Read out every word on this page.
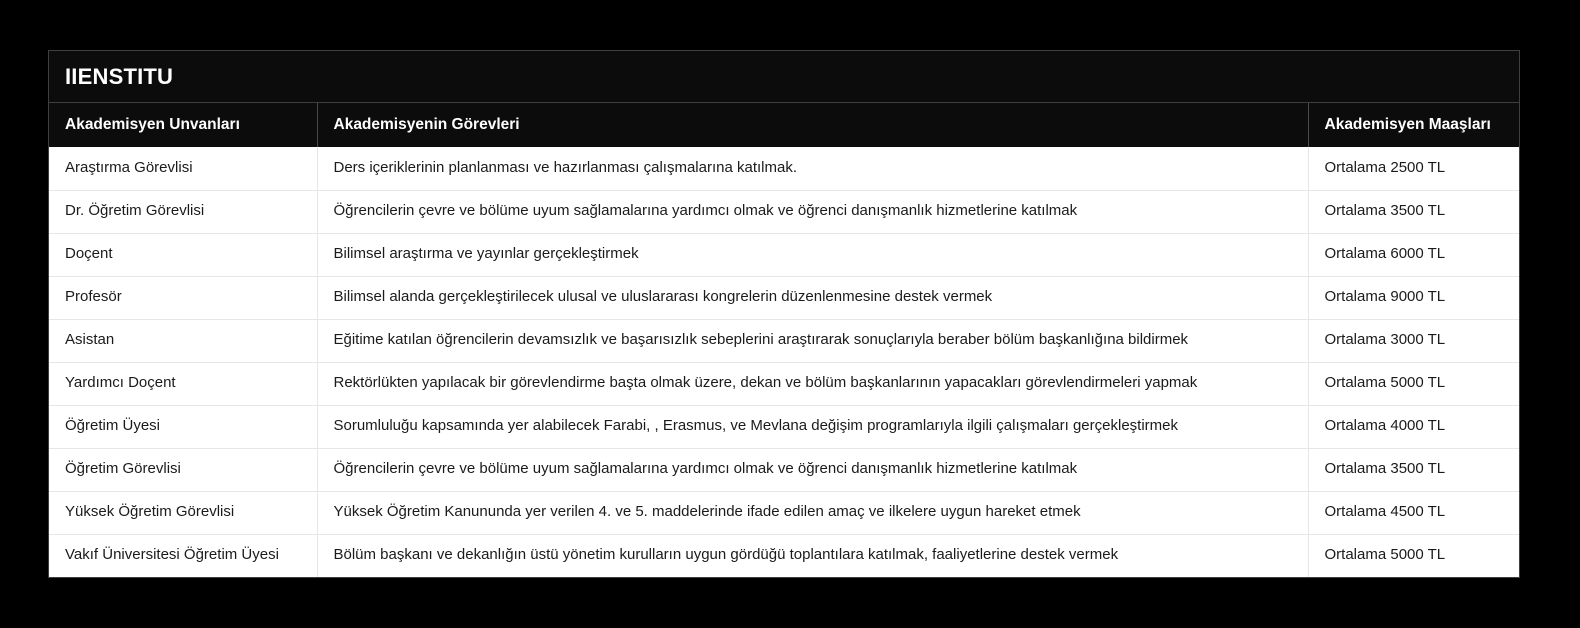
IIENSTITU
Akademisyen Unvanları	Akademisyenin Görevleri	Akademisyen Maaşları
Araştırma Görevlisi	Ders içeriklerinin planlanması ve hazırlanması çalışmalarına katılmak.	Ortalama 2500 TL
Dr. Öğretim Görevlisi	Öğrencilerin çevre ve bölüme uyum sağlamalarına yardımcı olmak ve öğrenci danışmanlık hizmetlerine katılmak	Ortalama 3500 TL
Doçent	Bilimsel araştırma ve yayınlar gerçekleştirmek	Ortalama 6000 TL
Profesör	Bilimsel alanda gerçekleştirilecek ulusal ve uluslararası kongrelerin düzenlenmesine destek vermek	Ortalama 9000 TL
Asistan	Eğitime katılan öğrencilerin devamsızlık ve başarısızlık sebeplerini araştırarak sonuçlarıyla beraber bölüm başkanlığına bildirmek	Ortalama 3000 TL
Yardımcı Doçent	Rektörlükten yapılacak bir görevlendirme başta olmak üzere, dekan ve bölüm başkanlarının yapacakları görevlendirmeleri yapmak	Ortalama 5000 TL
Öğretim Üyesi	Sorumluluğu kapsamında yer alabilecek Farabi, , Erasmus, ve Mevlana değişim programlarıyla ilgili çalışmaları gerçekleştirmek	Ortalama 4000 TL
Öğretim Görevlisi	Öğrencilerin çevre ve bölüme uyum sağlamalarına yardımcı olmak ve öğrenci danışmanlık hizmetlerine katılmak	Ortalama 3500 TL
Yüksek Öğretim Görevlisi	Yüksek Öğretim Kanununda yer verilen 4. ve 5. maddelerinde ifade edilen amaç ve ilkelere uygun hareket etmek	Ortalama 4500 TL
Vakıf Üniversitesi Öğretim Üyesi	Bölüm başkanı ve dekanlığın üstü yönetim kurulların uygun gördüğü toplantılara katılmak, faaliyetlerine destek vermek	Ortalama 5000 TL
